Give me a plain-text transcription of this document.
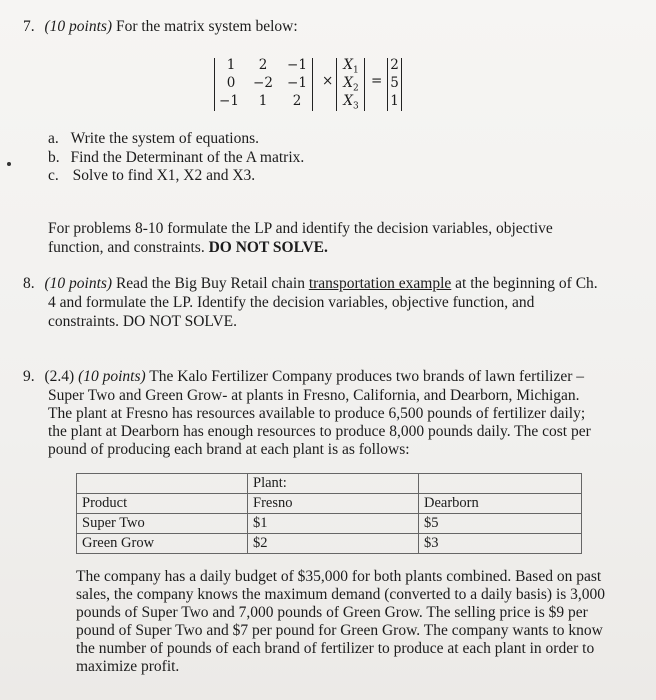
7. (10 points) For the matrix system below:
1	2	−1
0	−2	−1
−1	1	2
×
$X_1$
$X_2$
$X_3$
=
2
5
1
a. Write the system of equations.
b. Find the Determinant of the A matrix.
c. Solve to find X1, X2 and X3.
For problems 8-10 formulate the LP and identify the decision variables, objective
function, and constraints. DO NOT SOLVE.
8. (10 points) Read the Big Buy Retail chain transportation example at the beginning of Ch.
4 and formulate the LP. Identify the decision variables, objective function, and
constraints. DO NOT SOLVE.
9. (2.4) (10 points) The Kalo Fertilizer Company produces two brands of lawn fertilizer –
Super Two and Green Grow- at plants in Fresno, California, and Dearborn, Michigan.
The plant at Fresno has resources available to produce 6,500 pounds of fertilizer daily;
the plant at Dearborn has enough resources to produce 8,000 pounds daily. The cost per
pound of producing each brand at each plant is as follows:
	Plant:	
Product	Fresno	Dearborn
Super Two	$1	$5
Green Grow	$2	$3
The company has a daily budget of $35,000 for both plants combined. Based on past
sales, the company knows the maximum demand (converted to a daily basis) is 3,000
pounds of Super Two and 7,000 pounds of Green Grow. The selling price is $9 per
pound of Super Two and $7 per pound for Green Grow. The company wants to know
the number of pounds of each brand of fertilizer to produce at each plant in order to
maximize profit.
